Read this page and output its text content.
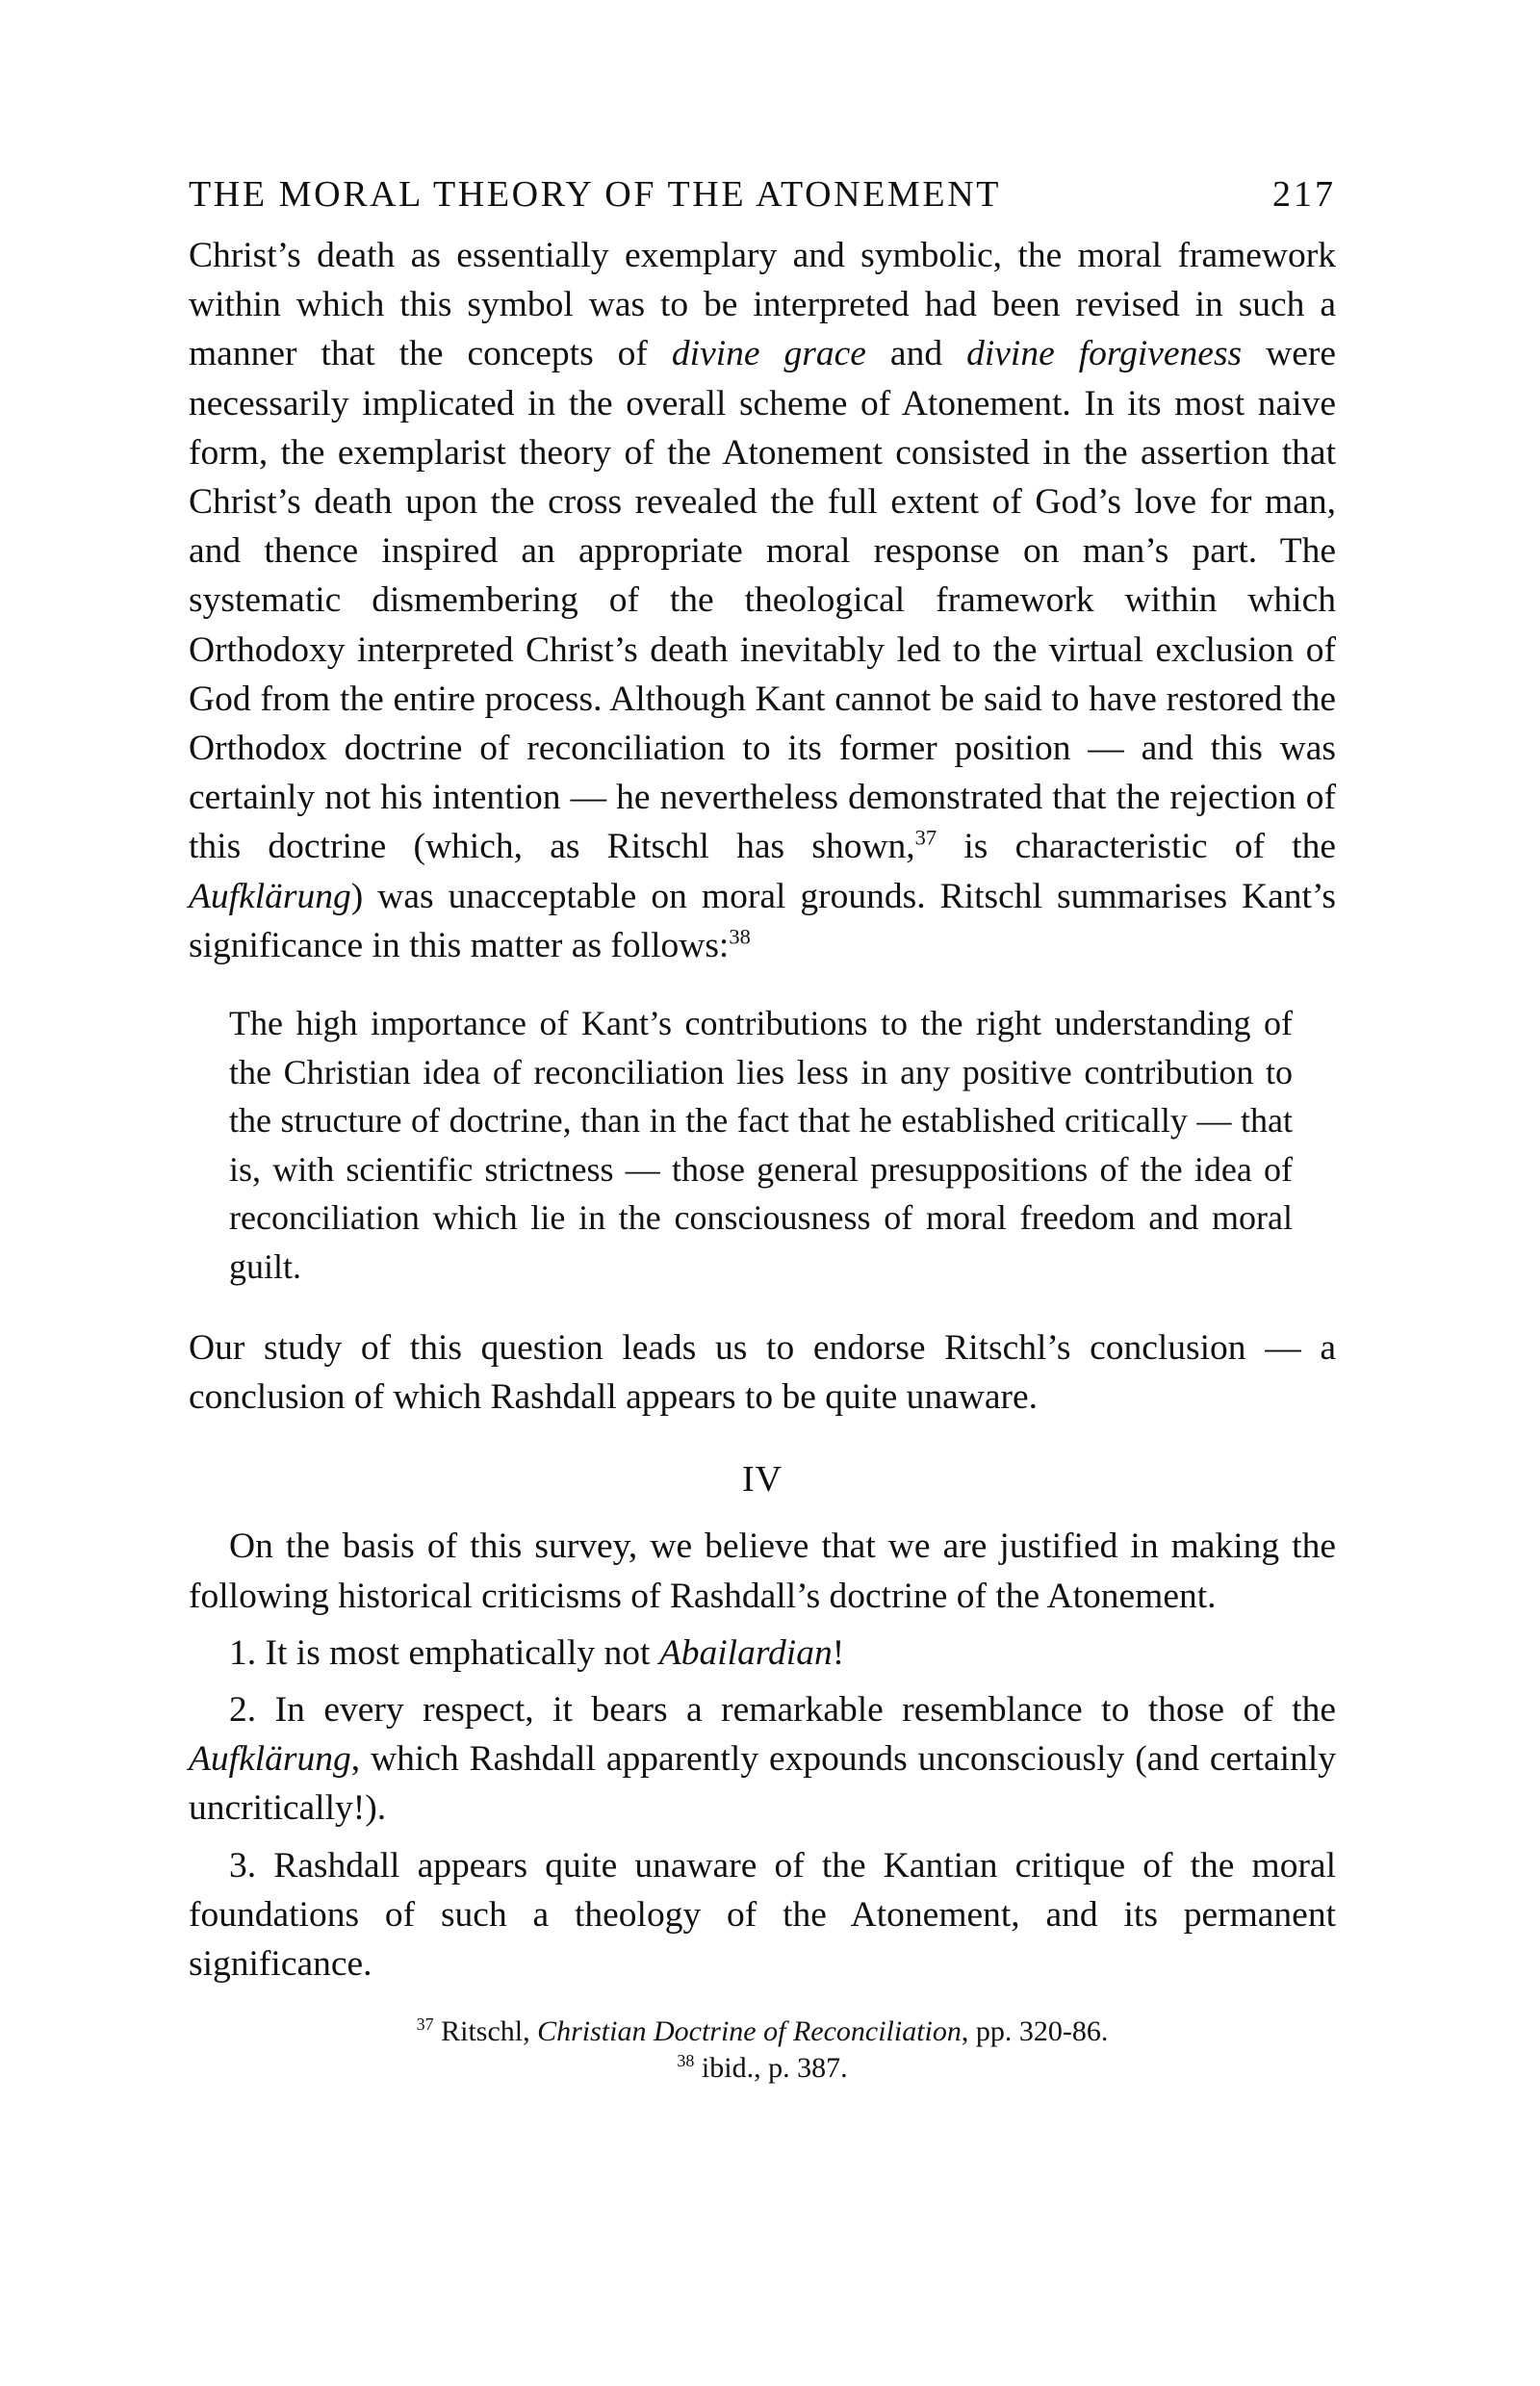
THE MORAL THEORY OF THE ATONEMENT	217

Christ’s death as essentially exemplary and symbolic, the moral framework within which this symbol was to be interpreted had been revised in such a manner that the concepts of divine grace and divine forgiveness were necessarily implicated in the overall scheme of Atonement. In its most naive form, the exemplarist theory of the Atonement consisted in the assertion that Christ’s death upon the cross revealed the full extent of God’s love for man, and thence inspired an appropriate moral response on man’s part. The systematic dismembering of the theological framework within which Orthodoxy interpreted Christ’s death inevitably led to the virtual exclusion of God from the entire process. Although Kant cannot be said to have restored the Orthodox doctrine of reconciliation to its former position — and this was certainly not his intention — he nevertheless demonstrated that the rejection of this doctrine (which, as Ritschl has shown,$^{37}$ is characteristic of the Aufklärung) was unacceptable on moral grounds. Ritschl summarises Kant’s significance in this matter as follows:$^{38}$

The high importance of Kant’s contributions to the right understanding of the Christian idea of reconciliation lies less in any positive contribution to the structure of doctrine, than in the fact that he established critically — that is, with scientific strictness — those general presuppositions of the idea of reconciliation which lie in the consciousness of moral freedom and moral guilt.

Our study of this question leads us to endorse Ritschl’s conclusion — a conclusion of which Rashdall appears to be quite unaware.

IV

On the basis of this survey, we believe that we are justified in making the following historical criticisms of Rashdall’s doctrine of the Atonement.

1. It is most emphatically not Abailardian!

2. In every respect, it bears a remarkable resemblance to those of the Aufklärung, which Rashdall apparently expounds unconsciously (and certainly uncritically!).

3. Rashdall appears quite unaware of the Kantian critique of the moral foundations of such a theology of the Atonement, and its permanent significance.

$^{37}$ Ritschl, Christian Doctrine of Reconciliation, pp. 320-86.
$^{38}$ ibid., p. 387.
